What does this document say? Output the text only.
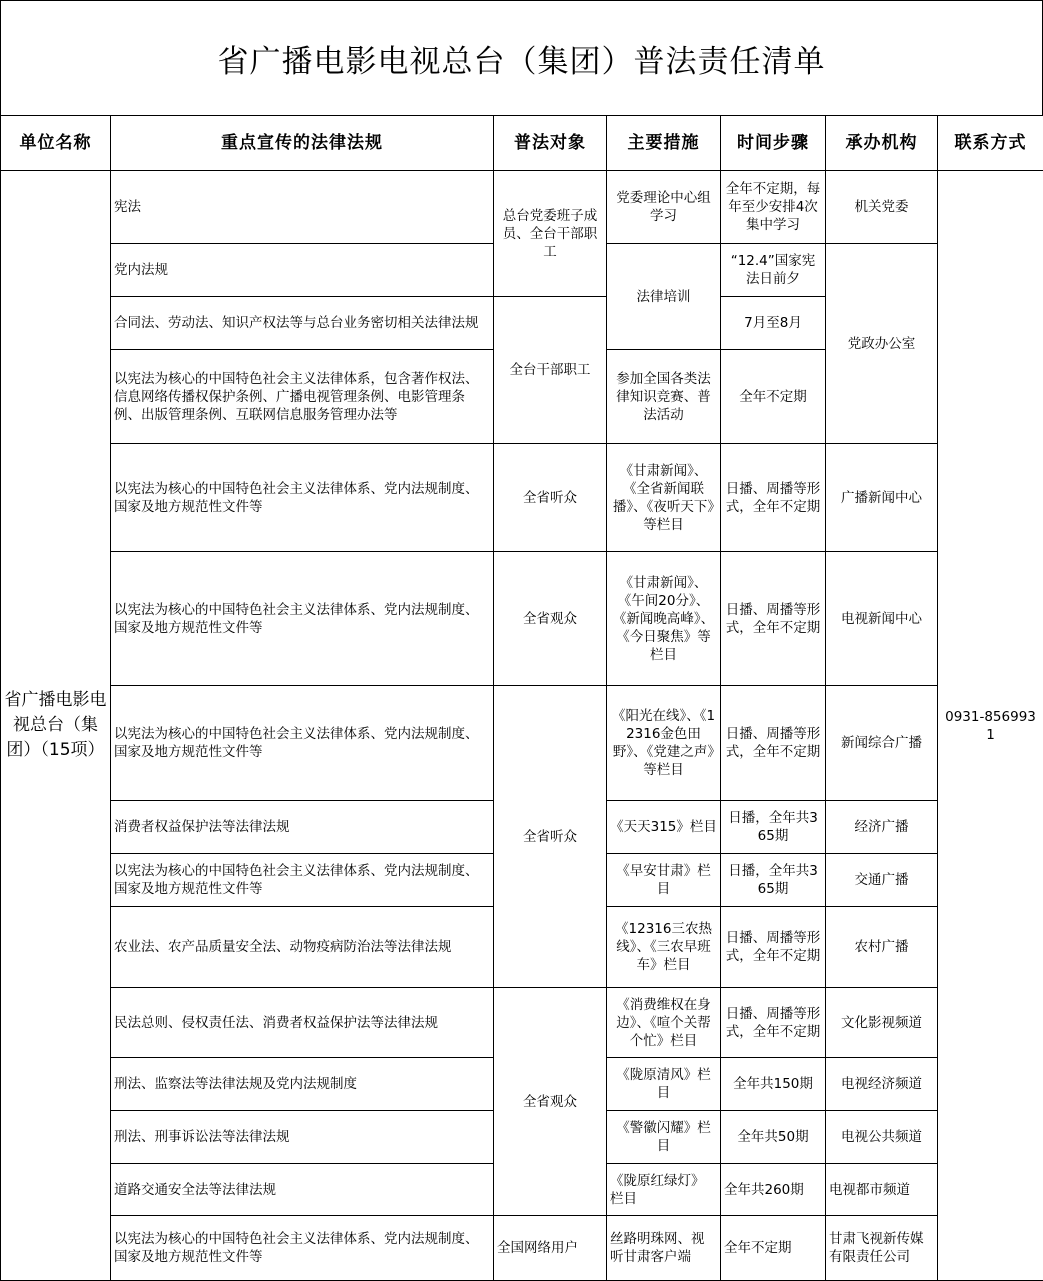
省广播电影电视总台（集团）普法责任清单
单位名称	重点宣传的法律法规	普法对象	主要措施	时间步骤	承办机构	联系方式
省广播电影电视总台（集团）（15项）	宪法	总台党委班子成员、全台干部职工	党委理论中心组学习	全年不定期，每年至少安排4次集中学习	机关党委	0931-8569931
	党内法规		法律培训	“12.4”国家宪法日前夕	党政办公室	
	合同法、劳动法、知识产权法等与总台业务密切相关法律法规	全台干部职工		7月至8月		
	以宪法为核心的中国特色社会主义法律体系，包含著作权法、信息网络传播权保护条例、广播电视管理条例、电影管理条例、出版管理条例、互联网信息服务管理办法等		参加全国各类法律知识竞赛、普法活动	全年不定期		
	以宪法为核心的中国特色社会主义法律体系、党内法规制度、国家及地方规范性文件等	全省听众	《甘肃新闻》、《全省新闻联播》、《夜听天下》等栏目	日播、周播等形式，全年不定期	广播新闻中心	
	以宪法为核心的中国特色社会主义法律体系、党内法规制度、国家及地方规范性文件等	全省观众	《甘肃新闻》、《午间20分》、《新闻晚高峰》、《今日聚焦》等栏目	日播、周播等形式，全年不定期	电视新闻中心	
	以宪法为核心的中国特色社会主义法律体系、党内法规制度、国家及地方规范性文件等	全省听众	《阳光在线》、《12316金色田野》、《党建之声》等栏目	日播、周播等形式，全年不定期	新闻综合广播	
	消费者权益保护法等法律法规		《天天315》栏目	日播，全年共365期	经济广播	
	以宪法为核心的中国特色社会主义法律体系、党内法规制度、国家及地方规范性文件等		《早安甘肃》栏目	日播，全年共365期	交通广播	
	农业法、农产品质量安全法、动物疫病防治法等法律法规		《12316三农热线》、《三农早班车》栏目	日播、周播等形式，全年不定期	农村广播	
	民法总则、侵权责任法、消费者权益保护法等法律法规	全省观众	《消费维权在身边》、《喧个关帮个忙》栏目	日播、周播等形式，全年不定期	文化影视频道	
	刑法、监察法等法律法规及党内法规制度		《陇原清风》栏目	全年共150期	电视经济频道	
	刑法、刑事诉讼法等法律法规		《警徽闪耀》栏目	全年共50期	电视公共频道	
	道路交通安全法等法律法规		《陇原红绿灯》栏目	全年共260期	电视都市频道	
	以宪法为核心的中国特色社会主义法律体系、党内法规制度、国家及地方规范性文件等	全国网络用户	丝路明珠网、视听甘肃客户端	全年不定期	甘肃飞视新传媒有限责任公司	
